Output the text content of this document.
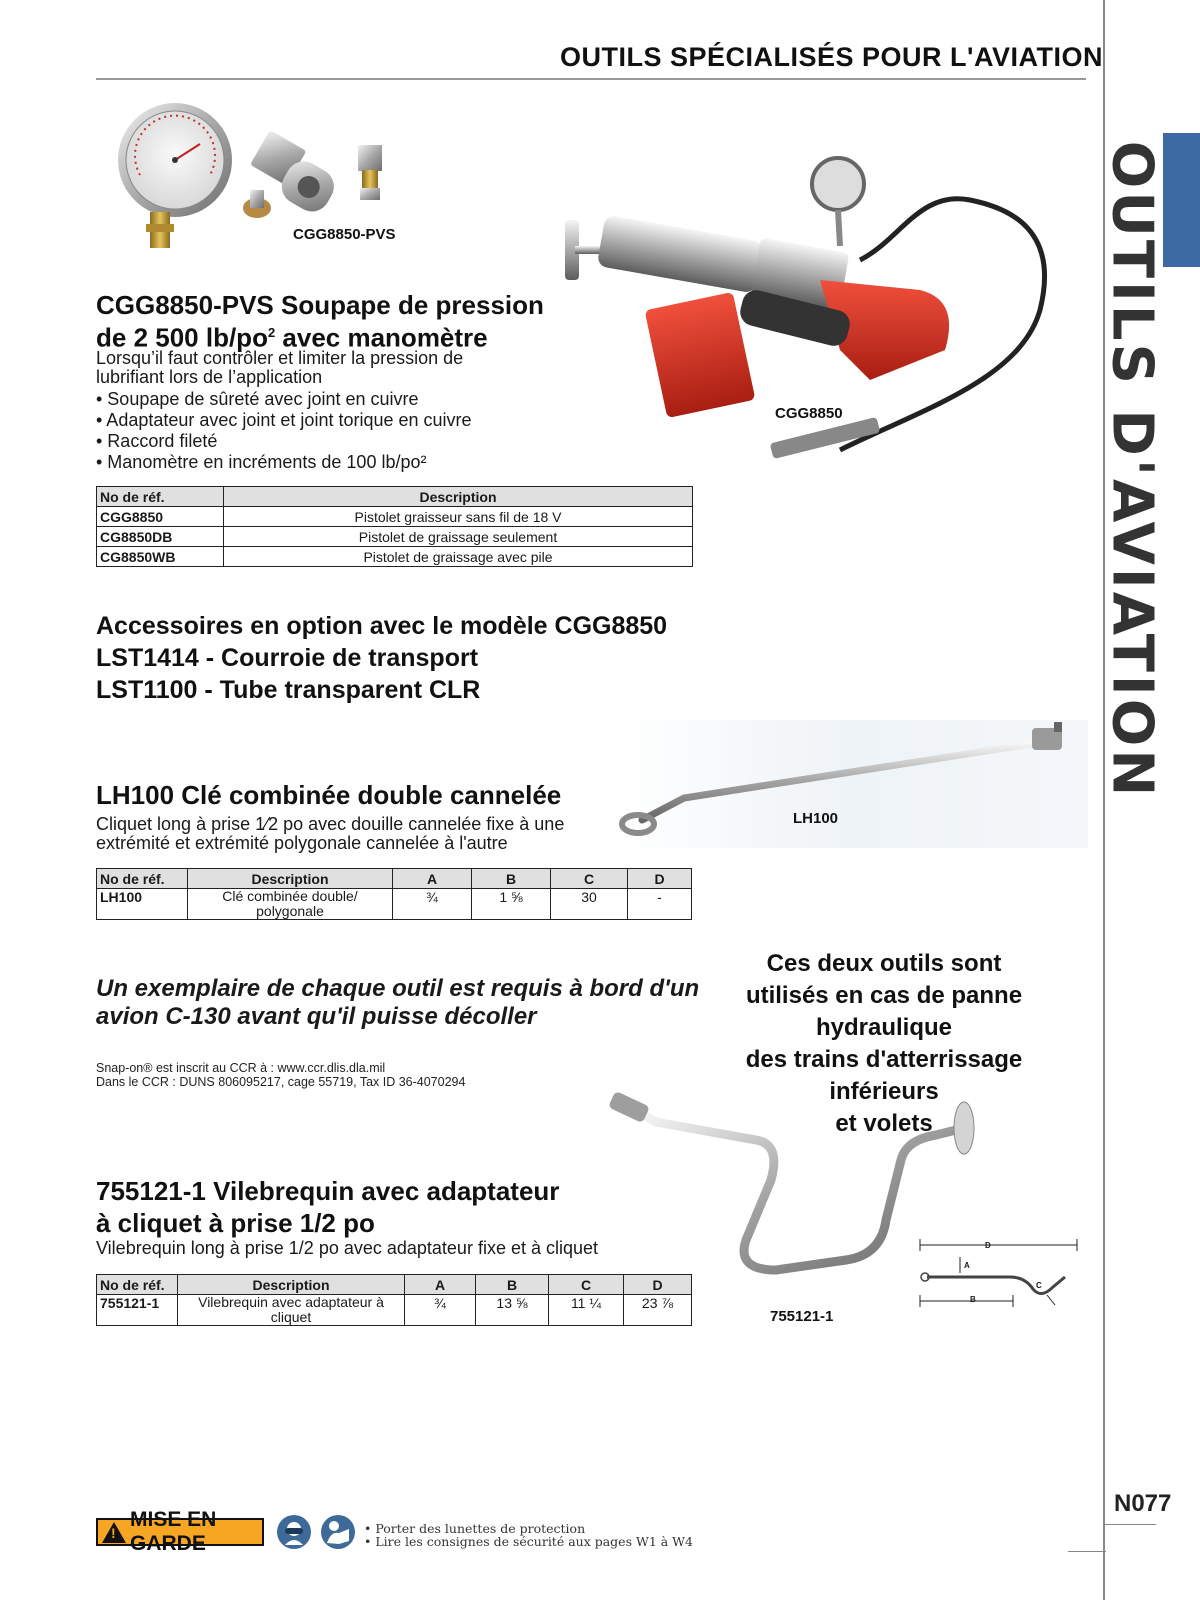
OUTILS SPÉCIALISÉS POUR L'AVIATION
OUTILS D'AVIATION
N077
CGG8850-PVS
CGG8850
CGG8850-PVS Soupape de pression
de 2 500 $lb/po^2$ avec manomètre
Lorsqu’il faut contrôler et limiter la pression de
lubrifiant lors de l’application
• Soupape de sûreté avec joint en cuivre
• Adaptateur avec joint et joint torique en cuivre
• Raccord fileté
• Manomètre en incréments de 100 lb/po²
No de réf.	Description
CGG8850	Pistolet graisseur sans fil de 18 V
CG8850DB	Pistolet de graissage seulement
CG8850WB	Pistolet de graissage avec pile
Accessoires en option avec le modèle CGG8850
LST1414 - Courroie de transport
LST1100 - Tube transparent CLR
LH100
LH100 Clé combinée double cannelée
Cliquet long à prise 1⁄2 po avec douille cannelée fixe à une
extrémité et extrémité polygonale cannelée à l'autre
No de réf.	Description	A	B	C	D
LH100	Clé combinée double/
polygonale	¾	1 ⅝	30	-
Un exemplaire de chaque outil est requis à bord d'un
avion C-130 avant qu'il puisse décoller
Snap-on® est inscrit au CCR à : www.ccr.dlis.dla.mil
Dans le CCR : DUNS 806095217, cage 55719, Tax ID 36-4070294
Ces deux outils sont
utilisés en cas de panne hydraulique
des trains d'atterrissage inférieurs
et volets
755121-1
D
A
B
C
755121-1 Vilebrequin avec adaptateur
à cliquet à prise 1/2 po
Vilebrequin long à prise 1/2 po avec adaptateur fixe et à cliquet
No de réf.	Description	A	B	C	D
755121-1	Vilebrequin avec adaptateur à
cliquet	¾	13 ⅝	11 ¼	23 ⅞
!
MISE EN GARDE
• Porter des lunettes de protection
• Lire les consignes de sécurité aux pages W1 à W4
